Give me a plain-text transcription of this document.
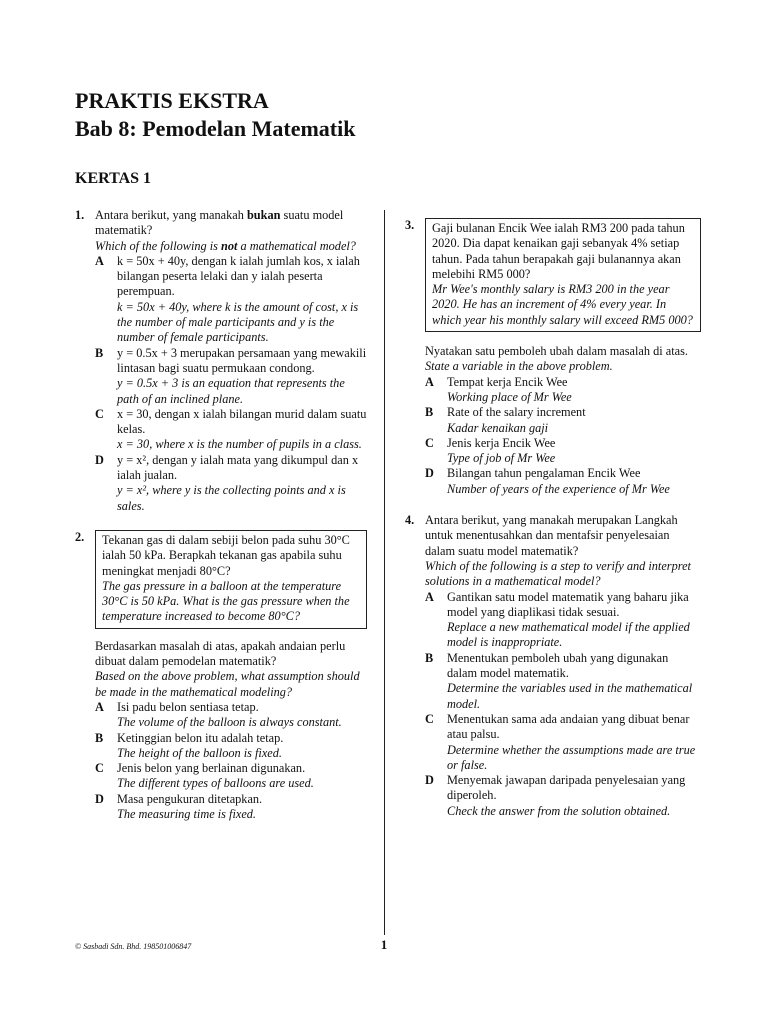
PRAKTIS EKSTRA
Bab 8: Pemodelan Matematik
KERTAS 1
1. Antara berikut, yang manakah bukan suatu model matematik?
Which of the following is not a mathematical model?
A k = 50x + 40y, dengan k ialah jumlah kos, x ialah bilangan peserta lelaki dan y ialah peserta perempuan.
k = 50x + 40y, where k is the amount of cost, x is the number of male participants and y is the number of female participants.
B y = 0.5x + 3 merupakan persamaan yang mewakili lintasan bagi suatu permukaan condong.
y = 0.5x + 3 is an equation that represents the path of an inclined plane.
C x = 30, dengan x ialah bilangan murid dalam suatu kelas.
x = 30, where x is the number of pupils in a class.
D y = x², dengan y ialah mata yang dikumpul dan x ialah jualan.
y = x², where y is the collecting points and x is sales.
2. Tekanan gas di dalam sebiji belon pada suhu 30°C ialah 50 kPa. Berapkah tekanan gas apabila suhu meningkat menjadi 80°C?
The gas pressure in a balloon at the temperature 30°C is 50 kPa. What is the gas pressure when the temperature increased to become 80°C?
Berdasarkan masalah di atas, apakah andaian perlu dibuat dalam pemodelan matematik?
Based on the above problem, what assumption should be made in the mathematical modeling?
A Isi padu belon sentiasa tetap.
The volume of the balloon is always constant.
B Ketinggian belon itu adalah tetap.
The height of the balloon is fixed.
C Jenis belon yang berlainan digunakan.
The different types of balloons are used.
D Masa pengukuran ditetapkan.
The measuring time is fixed.
3. Gaji bulanan Encik Wee ialah RM3 200 pada tahun 2020. Dia dapat kenaikan gaji sebanyak 4% setiap tahun. Pada tahun berapakah gaji bulanannya akan melebihi RM5 000?
Mr Wee's monthly salary is RM3 200 in the year 2020. He has an increment of 4% every year. In which year his monthly salary will exceed RM5 000?
Nyatakan satu pemboleh ubah dalam masalah di atas.
State a variable in the above problem.
A Tempat kerja Encik Wee
Working place of Mr Wee
B Rate of the salary increment
Kadar kenaikan gaji
C Jenis kerja Encik Wee
Type of job of Mr Wee
D Bilangan tahun pengalaman Encik Wee
Number of years of the experience of Mr Wee
4. Antara berikut, yang manakah merupakan Langkah untuk menentusahkan dan mentafsir penyelesaian dalam suatu model matematik?
Which of the following is a step to verify and interpret solutions in a mathematical model?
A Gantikan satu model matematik yang baharu jika model yang diaplikasi tidak sesuai.
Replace a new mathematical model if the applied model is inappropriate.
B Menentukan pemboleh ubah yang digunakan dalam model matematik.
Determine the variables used in the mathematical model.
C Menentukan sama ada andaian yang dibuat benar atau palsu.
Determine whether the assumptions made are true or false.
D Menyemak jawapan daripada penyelesaian yang diperoleh.
Check the answer from the solution obtained.
© Sasbadi Sdn. Bhd. 198501006847	1
